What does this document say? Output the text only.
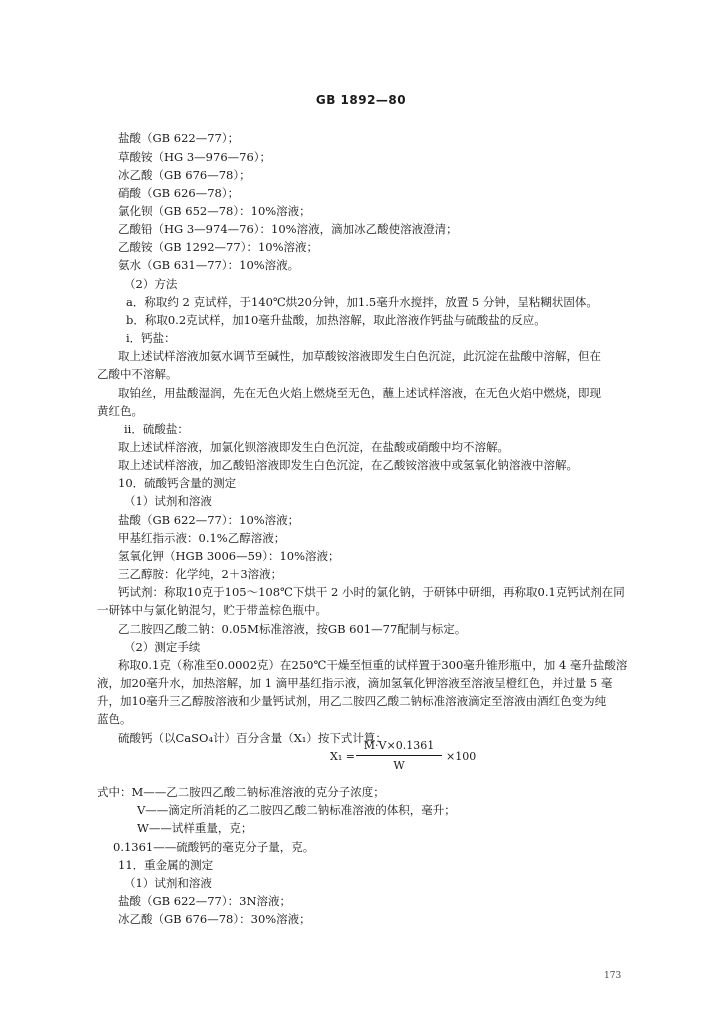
GB 1892—80
盐酸（GB 622—77）；
草酸铵（HG 3—976—76）；
冰乙酸（GB 676—78）；
硝酸（GB 626—78）；
氯化钡（GB 652—78）：10%溶液；
乙酸铅（HG 3—974—76）：10%溶液，滴加冰乙酸使溶液澄清；
乙酸铵（GB 1292—77）：10%溶液；
氨水（GB 631—77）：10%溶液。
（2）方法
a．称取约 2 克试样，于140℃烘20分钟，加1.5毫升水搅拌，放置 5 分钟，呈粘糊状固体。
b．称取0.2克试样，加10毫升盐酸，加热溶解，取此溶液作钙盐与硫酸盐的反应。
i．钙盐：
取上述试样溶液加氨水调节至碱性，加草酸铵溶液即发生白色沉淀，此沉淀在盐酸中溶解，但在
乙酸中不溶解。
取铂丝，用盐酸湿润，先在无色火焰上燃烧至无色，蘸上述试样溶液，在无色火焰中燃烧，即现
黄红色。
ii．硫酸盐：
取上述试样溶液，加氯化钡溶液即发生白色沉淀，在盐酸或硝酸中均不溶解。
取上述试样溶液，加乙酸铅溶液即发生白色沉淀，在乙酸铵溶液中或氢氧化钠溶液中溶解。
10．硫酸钙含量的测定
（1）试剂和溶液
盐酸（GB 622—77）：10%溶液；
甲基红指示液：0.1%乙醇溶液；
氢氧化钾（HGB 3006—59）：10%溶液；
三乙醇胺：化学纯，2＋3溶液；
钙试剂：称取10克于105～108℃下烘干 2 小时的氯化钠，于研钵中研细，再称取0.1克钙试剂在同
一研钵中与氯化钠混匀，贮于带盖棕色瓶中。
乙二胺四乙酸二钠：0.05M标准溶液，按GB 601—77配制与标定。
（2）测定手续
称取0.1克（称准至0.0002克）在250℃干燥至恒重的试样置于300毫升锥形瓶中，加 4 毫升盐酸溶
液，加20毫升水，加热溶解，加 1 滴甲基红指示液，滴加氢氧化钾溶液至溶液呈橙红色，并过量 5 毫
升，加10毫升三乙醇胺溶液和少量钙试剂，用乙二胺四乙酸二钠标准溶液滴定至溶液由酒红色变为纯
蓝色。
硫酸钙（以CaSO₄计）百分含量（X₁）按下式计算：
X₁ =
M·V×0.1361
W
×100
式中：M——乙二胺四乙酸二钠标准溶液的克分子浓度；
V——滴定所消耗的乙二胺四乙酸二钠标准溶液的体积，毫升；
W——试样重量，克；
0.1361——硫酸钙的毫克分子量，克。
11．重金属的测定
（1）试剂和溶液
盐酸（GB 622—77）：3N溶液；
冰乙酸（GB 676—78）：30%溶液；
173
